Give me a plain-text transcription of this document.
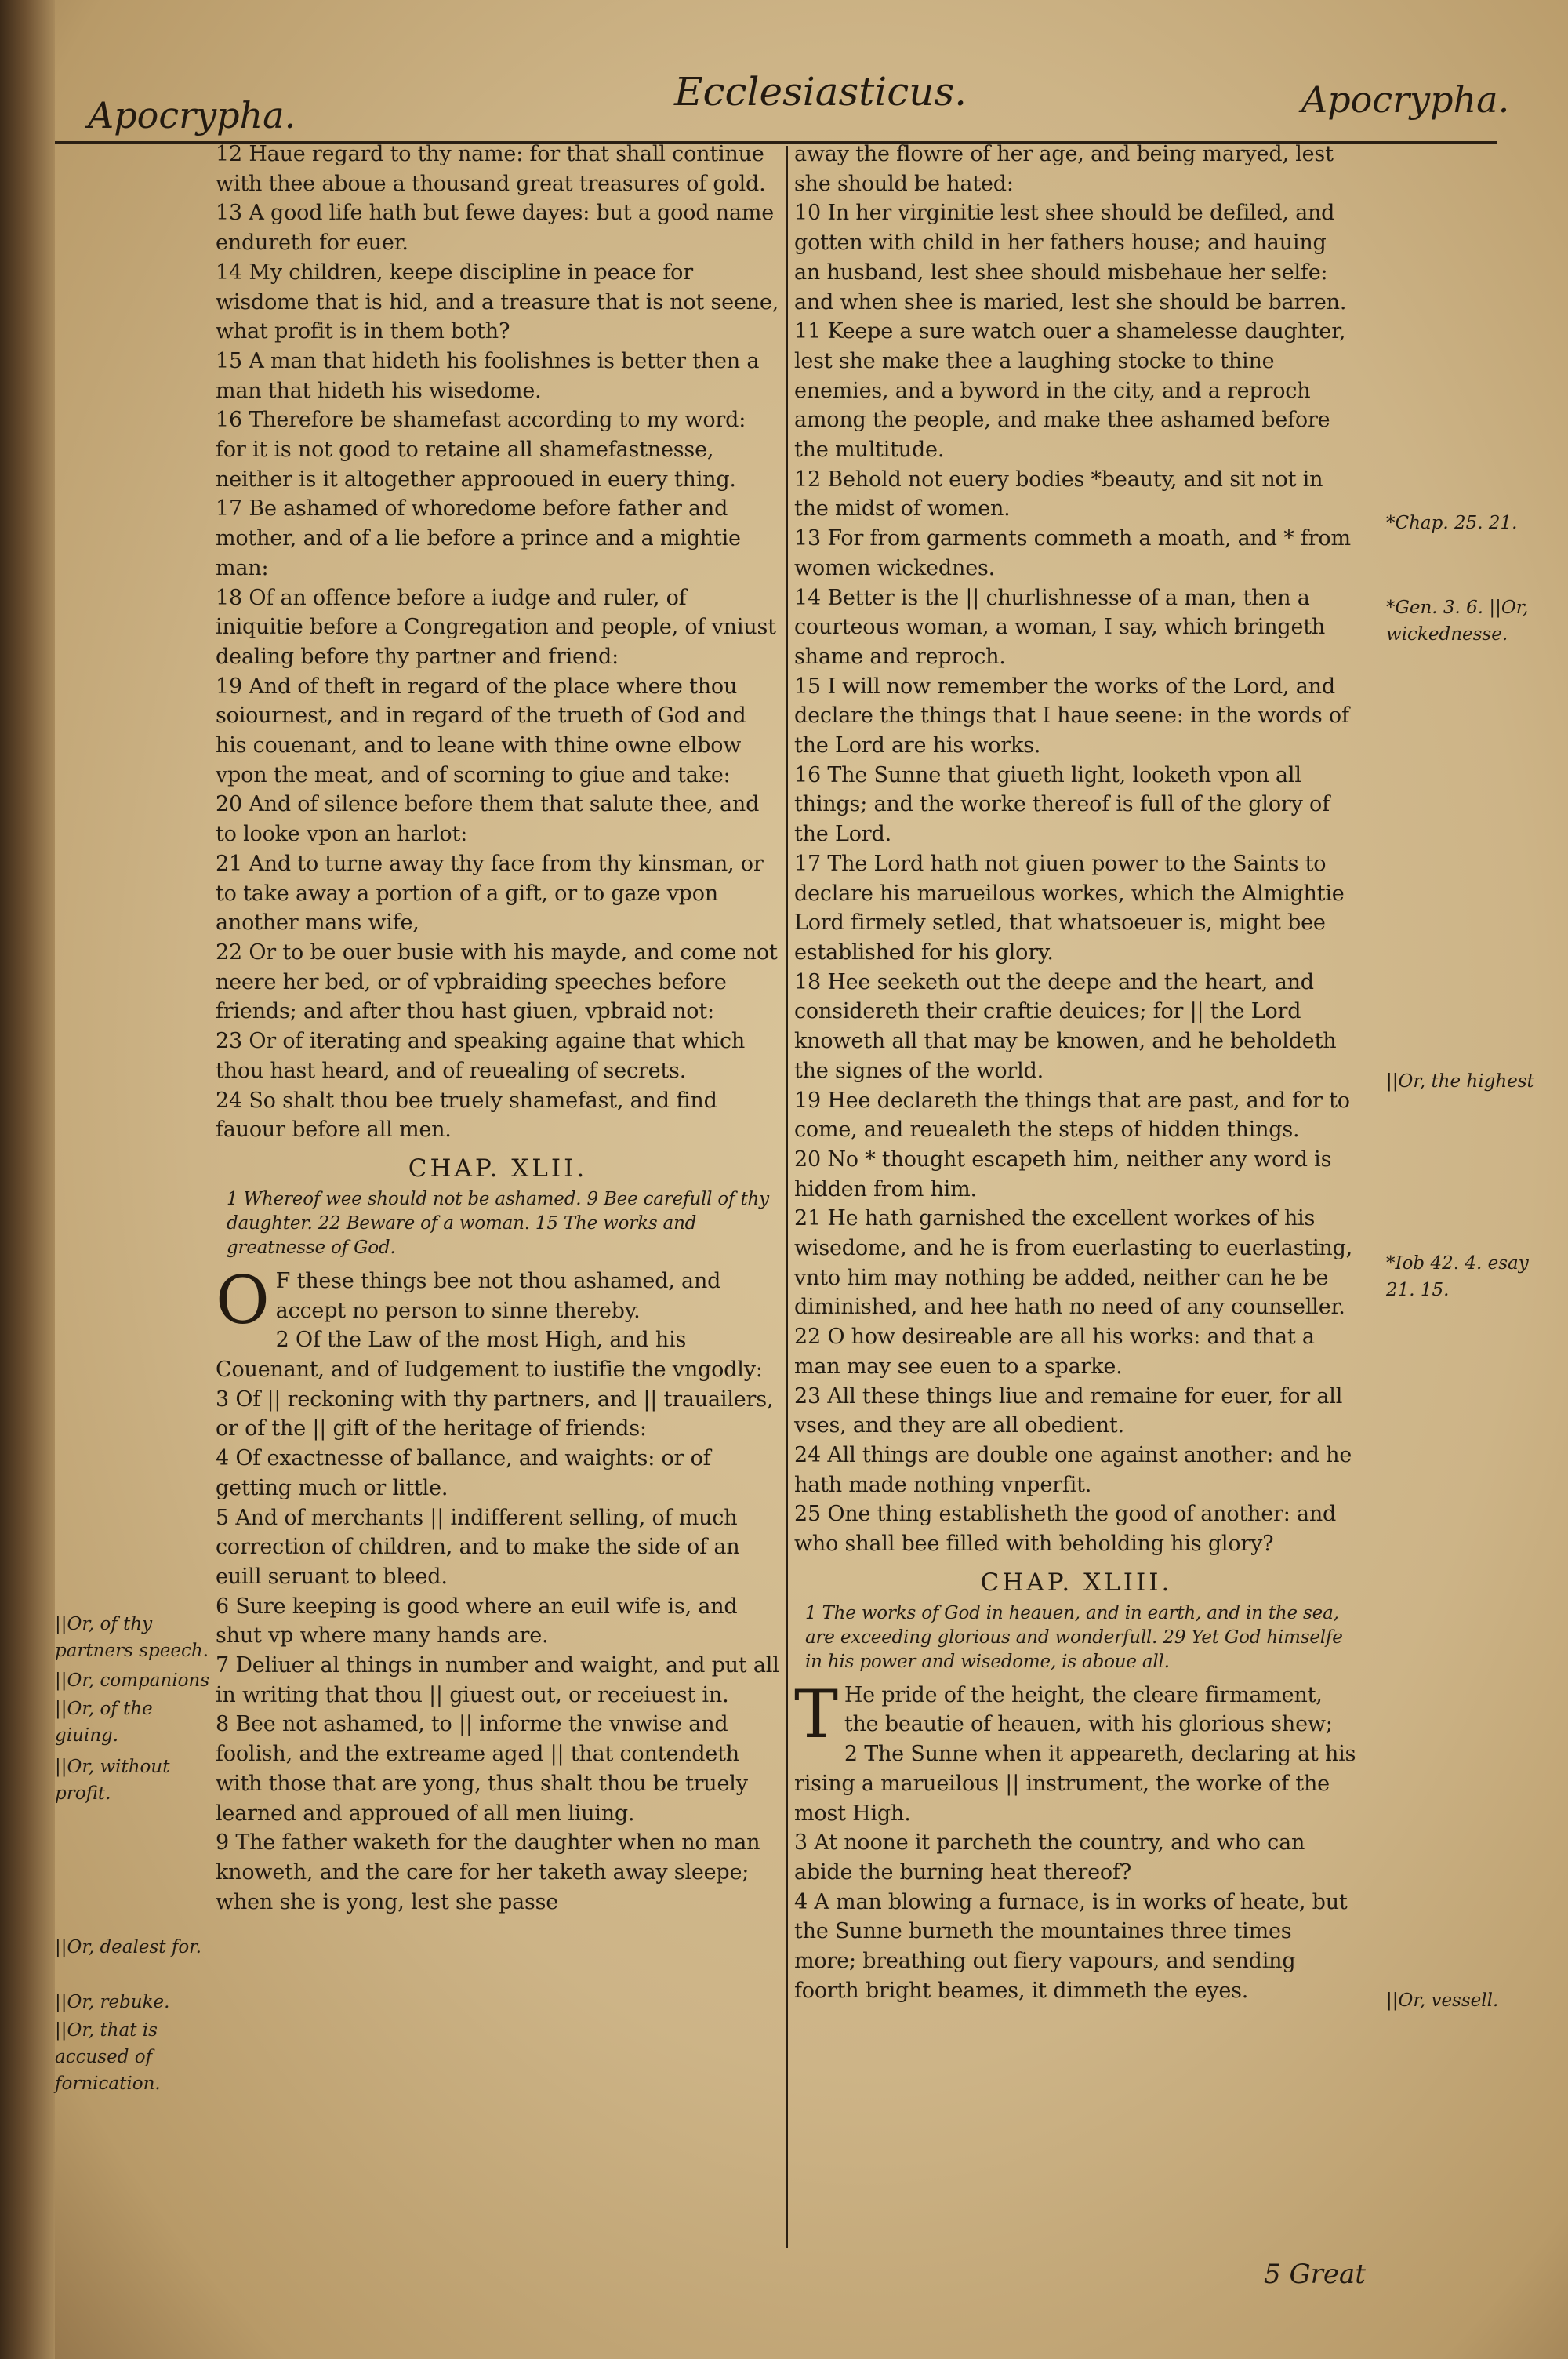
Apocrypha.
Ecclesiasticus.	Apocrypha.

12 Haue regard to thy name: for that shall continue with thee aboue a thousand great treasures of gold.

13 A good life hath but fewe dayes: but a good name endureth for euer.

14 My children, keepe discipline in peace for wisdome that is hid, and a treasure that is not seene, what profit is in them both?

15 A man that hideth his foolishnes is better then a man that hideth his wisedome.

16 Therefore be shamefast according to my word: for it is not good to retaine all shamefastnesse, neither is it altogether approoued in euery thing.

17 Be ashamed of whoredome before father and mother, and of a lie before a prince and a mightie man:

18 Of an offence before a iudge and ruler, of iniquitie before a Congregation and people, of vniust dealing before thy partner and friend:

19 And of theft in regard of the place where thou soiournest, and in regard of the trueth of God and his couenant, and to leane with thine owne elbow vpon the meat, and of scorning to giue and take:

20 And of silence before them that salute thee, and to looke vpon an harlot:

21 And to turne away thy face from thy kinsman, or to take away a portion of a gift, or to gaze vpon another mans wife,

22 Or to be ouer busie with his mayde, and come not neere her bed, or of vpbraiding speeches before friends; and after thou hast giuen, vpbraid not:

23 Or of iterating and speaking againe that which thou hast heard, and of reuealing of secrets.

24 So shalt thou bee truely shamefast, and find fauour before all men.

CHAP. XLII.

1 Whereof wee should not be ashamed. 9 Bee carefull of thy daughter. 22 Beware of a woman. 15 The works and greatnesse of God.

O F these things bee not thou ashamed, and accept no person to sinne thereby.

2 Of the Law of the most High, and his Couenant, and of Iudgement to iustifie the vngodly:

3 Of || reckoning with thy partners, and || trauailers, or of the || gift of the heritage of friends:

4 Of exactnesse of ballance, and waights: or of getting much or little.

5 And of merchants || indifferent selling, of much correction of children, and to make the side of an euill seruant to bleed.

6 Sure keeping is good where an euil wife is, and shut vp where many hands are.

7 Deliuer al things in number and waight, and put all in writing that thou || giuest out, or receiuest in.

8 Bee not ashamed, to || informe the vnwise and foolish, and the extreame aged || that contendeth with those that are yong, thus shalt thou be truely learned and approued of all men liuing.

9 The father waketh for the daughter when no man knoweth, and the care for her taketh away sleepe; when she is yong, lest she passe

away the flowre of her age, and being maryed, lest she should be hated:

10 In her virginitie lest shee should be defiled, and gotten with child in her fathers house; and hauing an husband, lest shee should misbehaue her selfe: and when shee is maried, lest she should be barren.

11 Keepe a sure watch ouer a shamelesse daughter, lest she make thee a laughing stocke to thine enemies, and a byword in the city, and a reproch among the people, and make thee ashamed before the multitude.

12 Behold not euery bodies *beauty, and sit not in the midst of women.

13 For from garments commeth a moath, and * from women wickednes.

14 Better is the || churlishnesse of a man, then a courteous woman, a woman, I say, which bringeth shame and reproch.

15 I will now remember the works of the Lord, and declare the things that I haue seene: in the words of the Lord are his works.

16 The Sunne that giueth light, looketh vpon all things; and the worke thereof is full of the glory of the Lord.

17 The Lord hath not giuen power to the Saints to declare his marueilous workes, which the Almightie Lord firmely setled, that whatsoeuer is, might bee established for his glory.

18 Hee seeketh out the deepe and the heart, and considereth their craftie deuices; for || the Lord knoweth all that may be knowen, and he beholdeth the signes of the world.

19 Hee declareth the things that are past, and for to come, and reuealeth the steps of hidden things.

20 No * thought escapeth him, neither any word is hidden from him.

21 He hath garnished the excellent workes of his wisedome, and he is from euerlasting to euerlasting, vnto him may nothing be added, neither can he be diminished, and hee hath no need of any counseller.

22 O how desireable are all his works: and that a man may see euen to a sparke.

23 All these things liue and remaine for euer, for all vses, and they are all obedient.

24 All things are double one against another: and he hath made nothing vnperfit.

25 One thing establisheth the good of another: and who shall bee filled with beholding his glory?

CHAP. XLIII.

1 The works of God in heauen, and in earth, and in the sea, are exceeding glorious and wonderfull. 29 Yet God himselfe in his power and wisedome, is aboue all.

T He pride of the height, the cleare firmament, the beautie of heauen, with his glorious shew;

2 The Sunne when it appeareth, declaring at his rising a marueilous || instrument, the worke of the most High.

3 At noone it parcheth the country, and who can abide the burning heat thereof?

4 A man blowing a furnace, is in works of heate, but the Sunne burneth the mountaines three times more; breathing out fiery vapours, and sending foorth bright beames, it dimmeth the eyes.

||Or, of thy partners speech.
||Or, companions
||Or, of the giuing.
||Or, without profit.
||Or, dealest for.
||Or, rebuke.
||Or, that is accused of fornication.
*Chap. 25. 21.
*Gen. 3. 6. ||Or, wickednesse.
||Or, the highest
*Iob 42. 4. esay 21. 15.
||Or, vessell.
5 Great
